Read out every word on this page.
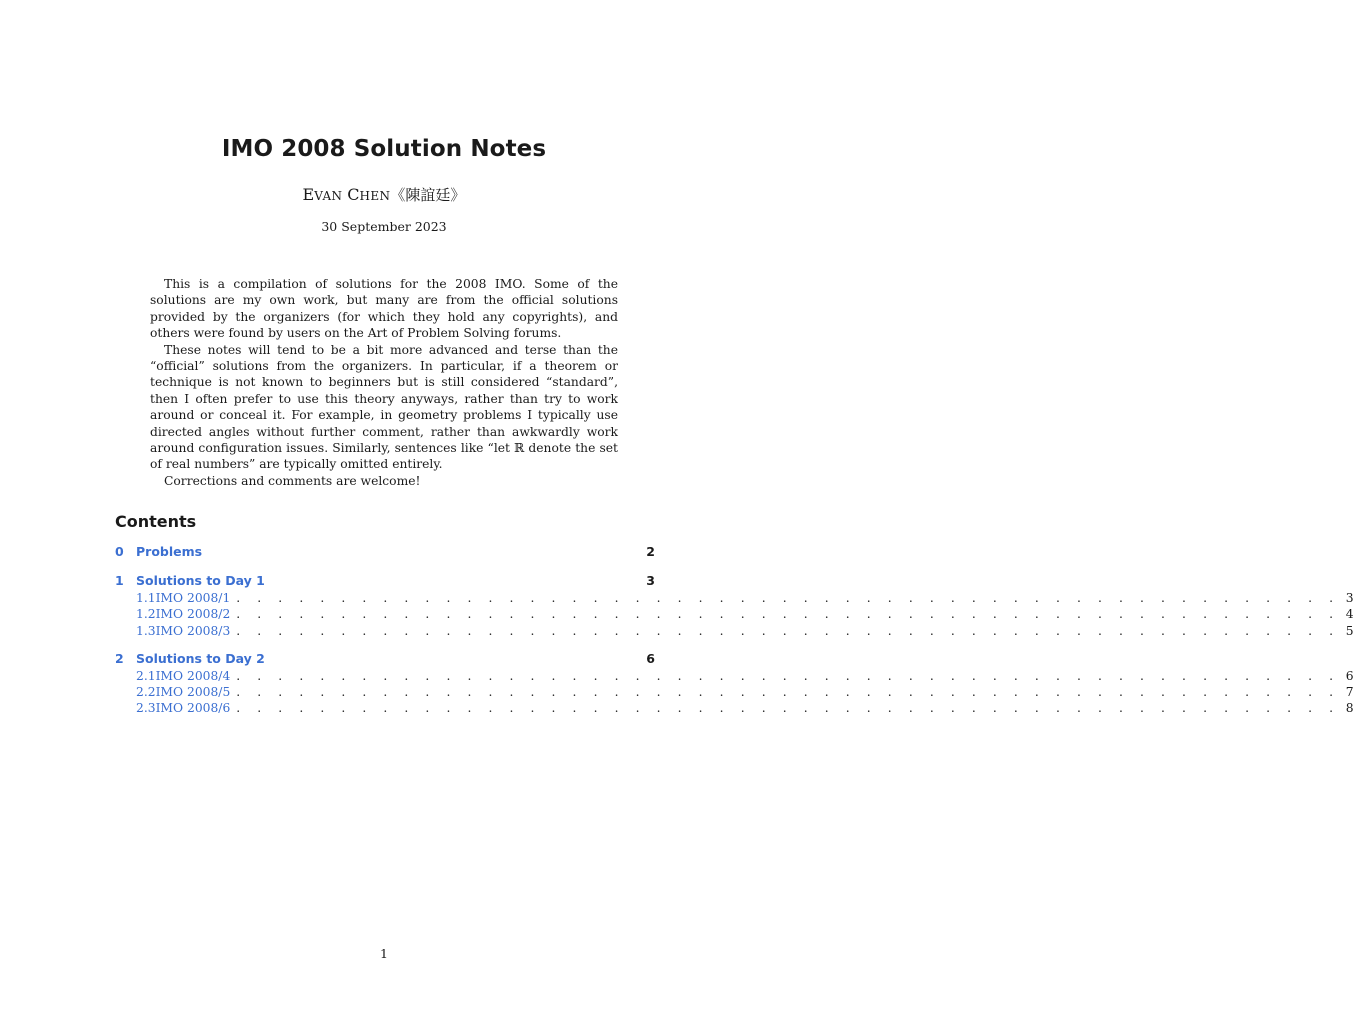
IMO 2008 Solution Notes
EVAN CHEN《陳誼廷》
30 September 2023

This is a compilation of solutions for the 2008 IMO. Some of the solutions are my own work, but many are from the official solutions provided by the organizers (for which they hold any copyrights), and others were found by users on the Art of Problem Solving forums.

These notes will tend to be a bit more advanced and terse than the “official” solutions from the organizers. In particular, if a theorem or technique is not known to beginners but is still considered “standard”, then I often prefer to use this theory anyways, rather than try to work around or conceal it. For example, in geometry problems I typically use directed angles without further comment, rather than awkwardly work around configuration issues. Similarly, sentences like “let ℝ denote the set of real numbers” are typically omitted entirely.

Corrections and comments are welcome!

Contents
0 Problems	2
1 Solutions to Day 1	3
1.1 IMO 2008/1 . . . . . . . . . . . . . . . . . . . . . . . . . . . . . . . . . . . . . . . . . . . . . . . . . . . . . 3
1.2 IMO 2008/2 . . . . . . . . . . . . . . . . . . . . . . . . . . . . . . . . . . . . . . . . . . . . . . . . . . . . . 4
1.3 IMO 2008/3 . . . . . . . . . . . . . . . . . . . . . . . . . . . . . . . . . . . . . . . . . . . . . . . . . . . . . 5
2 Solutions to Day 2	6
2.1 IMO 2008/4 . . . . . . . . . . . . . . . . . . . . . . . . . . . . . . . . . . . . . . . . . . . . . . . . . . . . . 6
2.2 IMO 2008/5 . . . . . . . . . . . . . . . . . . . . . . . . . . . . . . . . . . . . . . . . . . . . . . . . . . . . . 7
2.3 IMO 2008/6 . . . . . . . . . . . . . . . . . . . . . . . . . . . . . . . . . . . . . . . . . . . . . . . . . . . . . 8
1
